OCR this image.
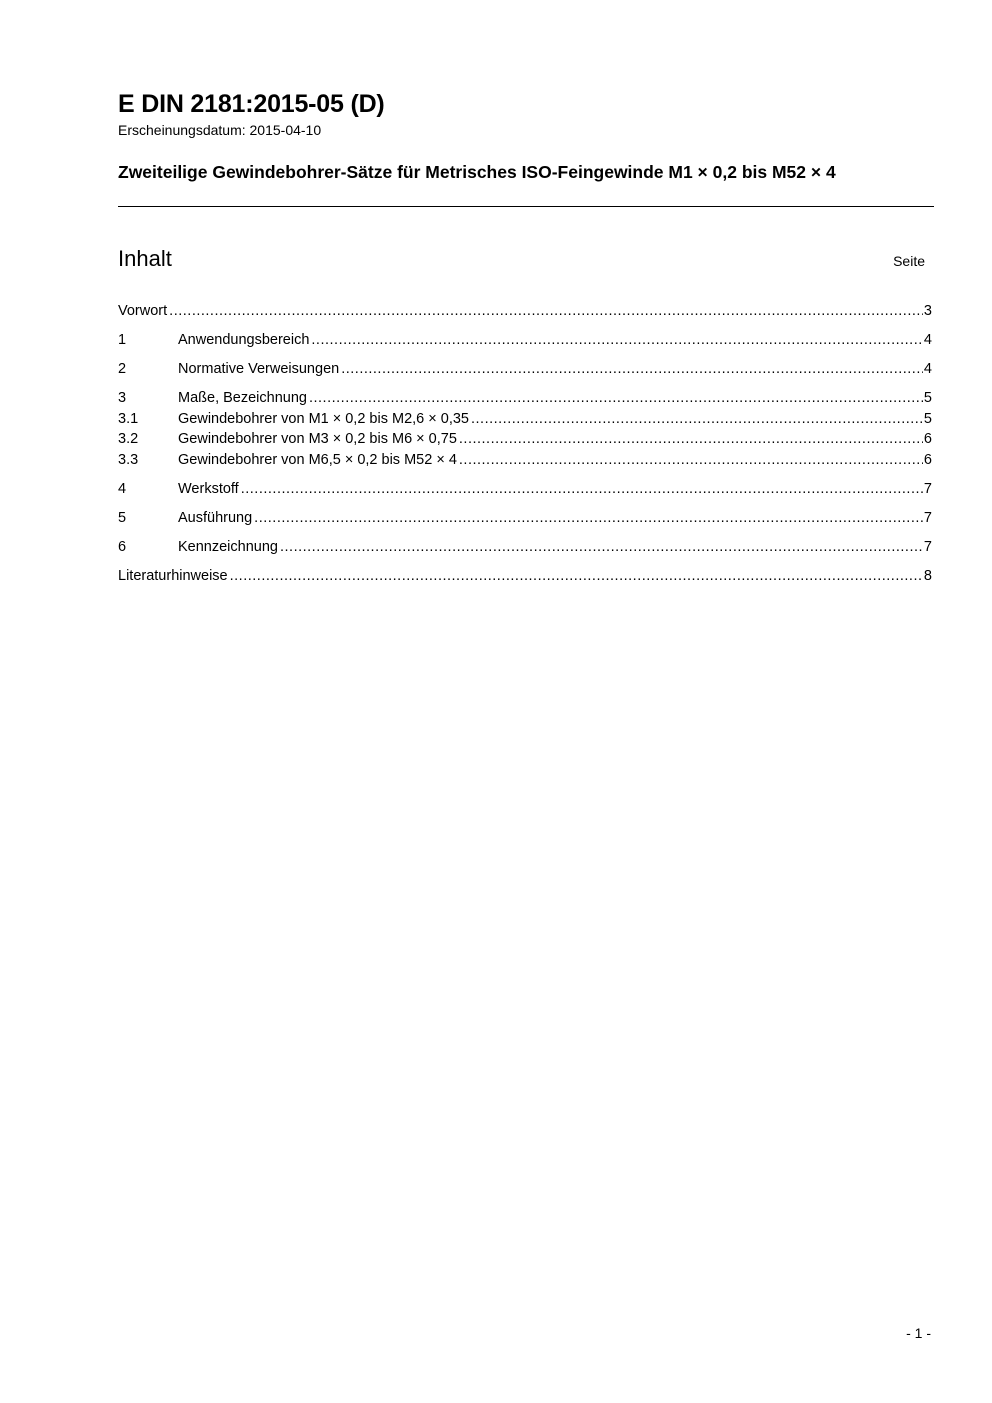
E DIN 2181:2015-05 (D)
Erscheinungsdatum: 2015-04-10
Zweiteilige Gewindebohrer-Sätze für Metrisches ISO-Feingewinde M1 × 0,2 bis M52 × 4
Inhalt	Seite
Vorwort .....	3
1	Anwendungsbereich .....	4
2	Normative Verweisungen .....	4
3	Maße, Bezeichnung .....	5
3.1	Gewindebohrer von M1 × 0,2 bis M2,6 × 0,35 .....	5
3.2	Gewindebohrer von M3 × 0,2 bis M6 × 0,75 .....	6
3.3	Gewindebohrer von M6,5 × 0,2 bis M52 × 4 .....	6
4	Werkstoff .....	7
5	Ausführung .....	7
6	Kennzeichnung .....	7
Literaturhinweise .....	8
- 1 -
